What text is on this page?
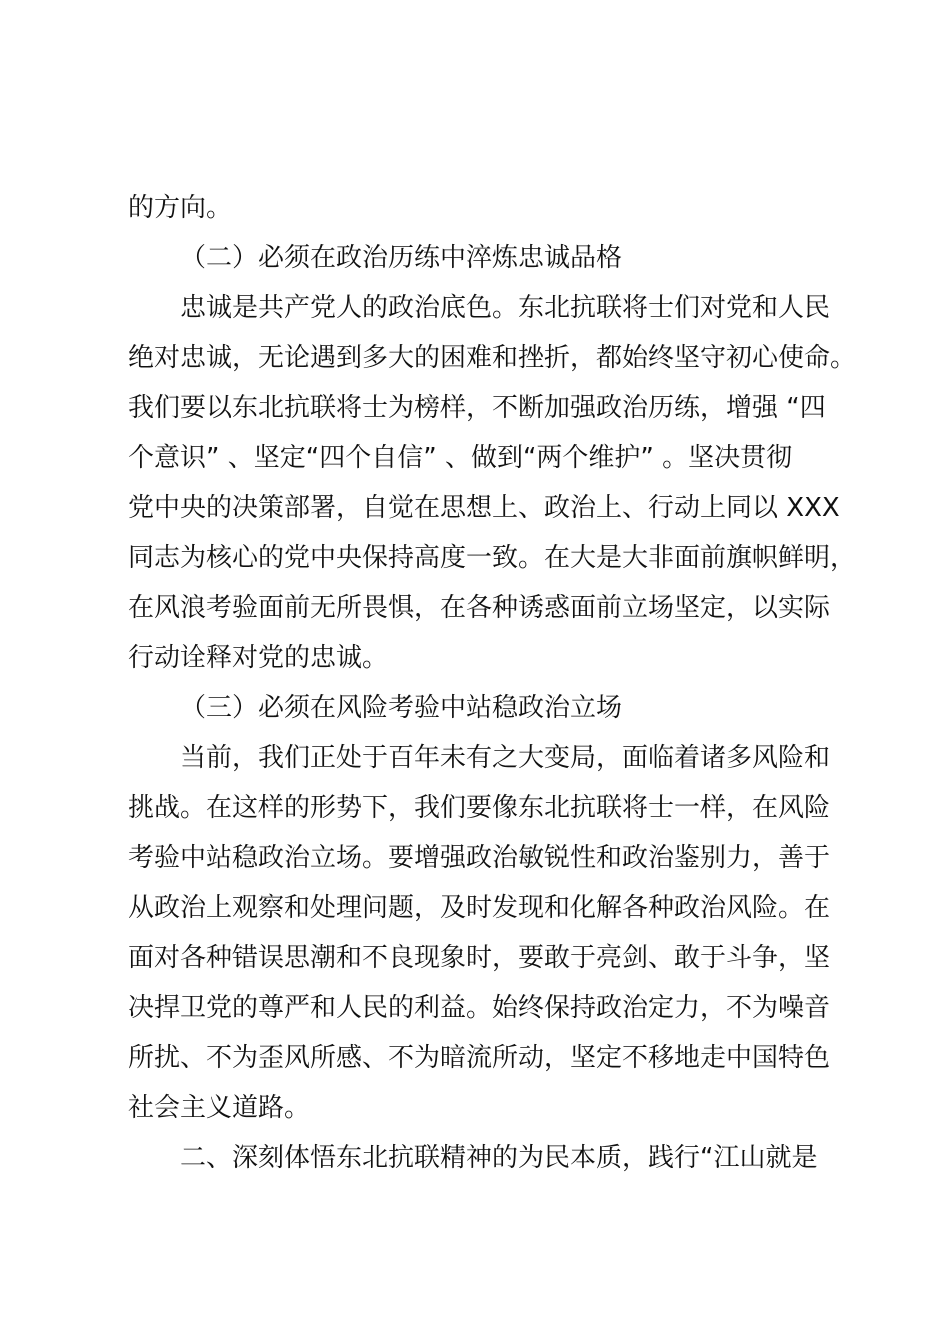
的方向。
（二）必须在政治历练中淬炼忠诚品格
忠诚是共产党人的政治底色。东北抗联将士们对党和人民
绝对忠诚，无论遇到多大的困难和挫折，都始终坚守初心使命。
我们要以东北抗联将士为榜样，不断加强政治历练，增强 “四
个意识” 、坚定“四个自信” 、做到“两个维护” 。坚决贯彻
党中央的决策部署，自觉在思想上、政治上、行动上同以 XXX
同志为核心的党中央保持高度一致。在大是大非面前旗帜鲜明，
在风浪考验面前无所畏惧，在各种诱惑面前立场坚定，以实际
行动诠释对党的忠诚。
（三）必须在风险考验中站稳政治立场
当前，我们正处于百年未有之大变局，面临着诸多风险和
挑战。在这样的形势下，我们要像东北抗联将士一样，在风险
考验中站稳政治立场。要增强政治敏锐性和政治鉴别力，善于
从政治上观察和处理问题，及时发现和化解各种政治风险。在
面对各种错误思潮和不良现象时，要敢于亮剑、敢于斗争，坚
决捍卫党的尊严和人民的利益。始终保持政治定力，不为噪音
所扰、不为歪风所感、不为暗流所动，坚定不移地走中国特色
社会主义道路。
二、深刻体悟东北抗联精神的为民本质，践行“江山就是
